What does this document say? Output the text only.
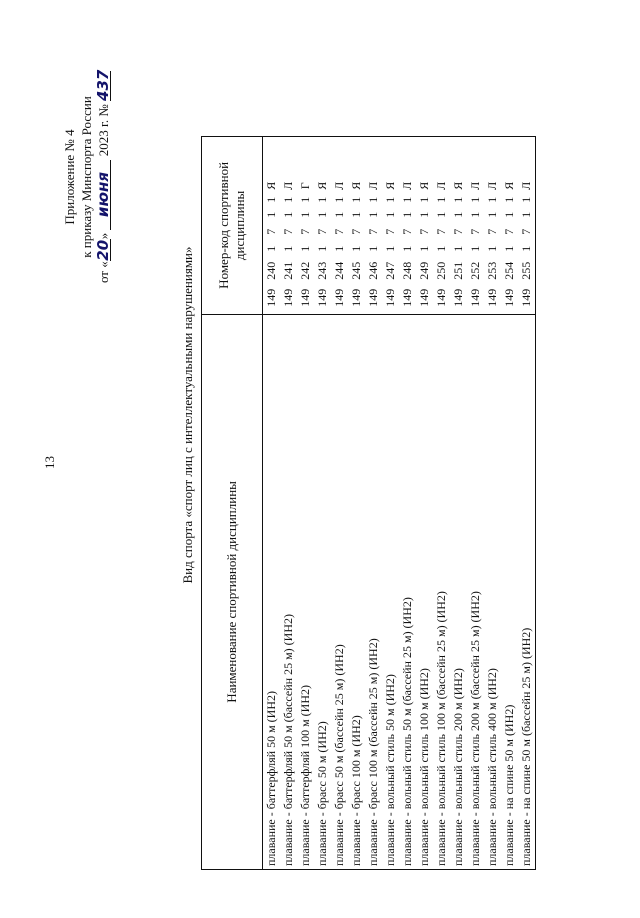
13
Приложение № 4 к приказу Минспорта России
от «20» июня 2023 г. № 437
Вид спорта «спорт лиц с интеллектуальными нарушениями»
Наименование спортивной дисциплины	Номер-код спортивной дисциплины
плавание - баттерфляй 50 м (ИН2)	1492401711Я
плавание - баттерфляй 50 м (бассейн 25 м) (ИН2)	1492411711Л
плавание - баттерфляй 100 м (ИН2)	1492421711Г
плавание - брасс 50 м (ИН2)	1492431711Я
плавание - брасс 50 м (бассейн 25 м) (ИН2)	1492441711Л
плавание - брасс 100 м (ИН2)	1492451711Я
плавание - брасс 100 м (бассейн 25 м) (ИН2)	1492461711Л
плавание - вольный стиль 50 м (ИН2)	1492471711Я
плавание - вольный стиль 50 м (бассейн 25 м) (ИН2)	1492481711Л
плавание - вольный стиль 100 м (ИН2)	1492491711Я
плавание - вольный стиль 100 м (бассейн 25 м) (ИН2)	1492501711Л
плавание - вольный стиль 200 м (ИН2)	1492511711Я
плавание - вольный стиль 200 м (бассейн 25 м) (ИН2)	1492521711Л
плавание - вольный стиль 400 м (ИН2)	1492531711Л
плавание - на спине 50 м (ИН2)	1492541711Я
плавание - на спине 50 м (бассейн 25 м) (ИН2)	1492551711Л
